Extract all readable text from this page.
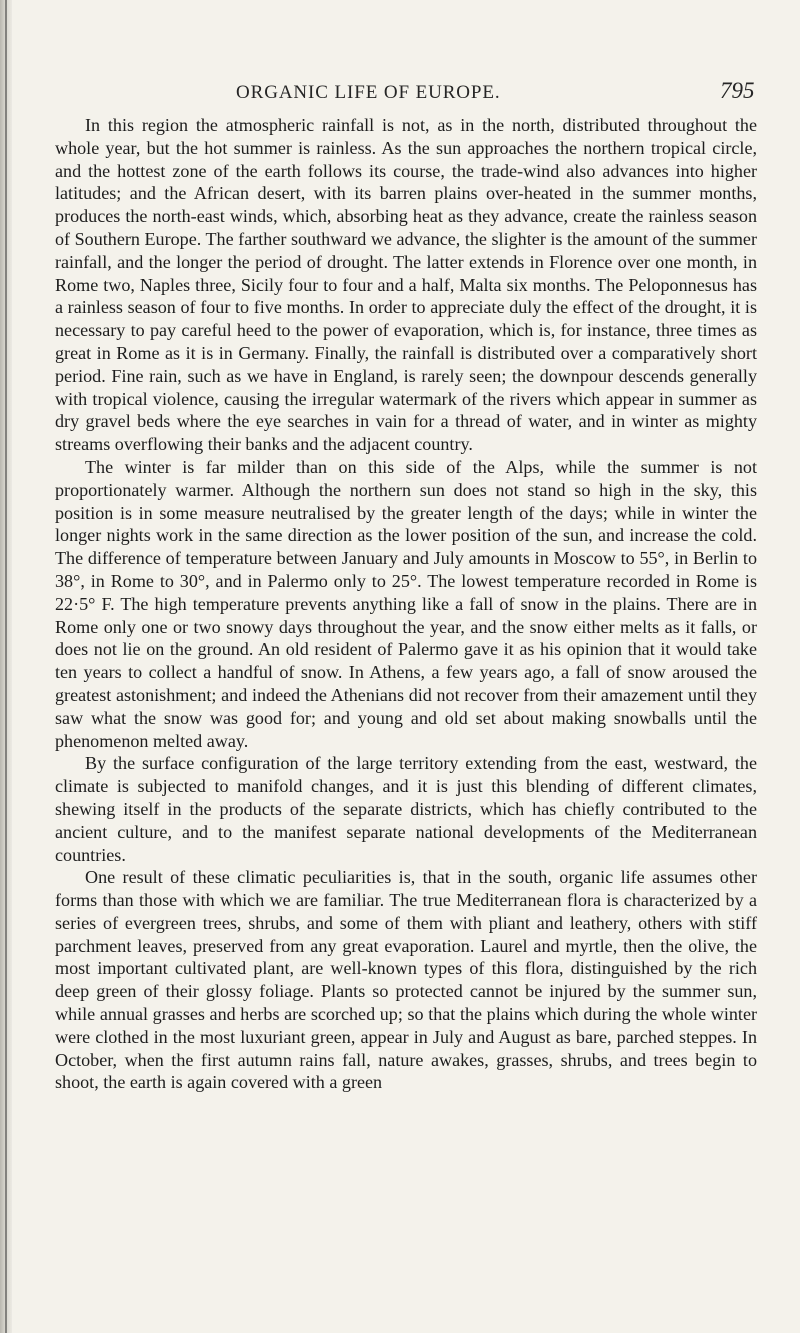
ORGANIC LIFE OF EUROPE.	795

In this region the atmospheric rainfall is not, as in the north, distributed throughout the whole year, but the hot summer is rainless. As the sun approaches the northern tropical circle, and the hottest zone of the earth follows its course, the trade-wind also advances into higher latitudes; and the African desert, with its barren plains over-heated in the summer months, produces the north-east winds, which, absorbing heat as they advance, create the rainless season of Southern Europe. The farther southward we advance, the slighter is the amount of the summer rainfall, and the longer the period of drought. The latter extends in Florence over one month, in Rome two, Naples three, Sicily four to four and a half, Malta six months. The Peloponnesus has a rainless season of four to five months. In order to appreciate duly the effect of the drought, it is necessary to pay careful heed to the power of evaporation, which is, for instance, three times as great in Rome as it is in Germany. Finally, the rainfall is distributed over a comparatively short period. Fine rain, such as we have in England, is rarely seen; the downpour descends generally with tropical violence, causing the irregular watermark of the rivers which appear in summer as dry gravel beds where the eye searches in vain for a thread of water, and in winter as mighty streams overflowing their banks and the adjacent country.

The winter is far milder than on this side of the Alps, while the summer is not proportionately warmer. Although the northern sun does not stand so high in the sky, this position is in some measure neutralised by the greater length of the days; while in winter the longer nights work in the same direction as the lower position of the sun, and increase the cold. The difference of temperature between January and July amounts in Moscow to 55°, in Berlin to 38°, in Rome to 30°, and in Palermo only to 25°. The lowest temperature recorded in Rome is 22·5° F. The high temperature prevents anything like a fall of snow in the plains. There are in Rome only one or two snowy days throughout the year, and the snow either melts as it falls, or does not lie on the ground. An old resident of Palermo gave it as his opinion that it would take ten years to collect a handful of snow. In Athens, a few years ago, a fall of snow aroused the greatest astonishment; and indeed the Athenians did not recover from their amazement until they saw what the snow was good for; and young and old set about making snowballs until the phenomenon melted away.

By the surface configuration of the large territory extending from the east, westward, the climate is subjected to manifold changes, and it is just this blending of different climates, shewing itself in the products of the separate districts, which has chiefly contributed to the ancient culture, and to the manifest separate national developments of the Mediterranean countries.

One result of these climatic peculiarities is, that in the south, organic life assumes other forms than those with which we are familiar. The true Mediterranean flora is characterized by a series of evergreen trees, shrubs, and some of them with pliant and leathery, others with stiff parchment leaves, preserved from any great evaporation. Laurel and myrtle, then the olive, the most important cultivated plant, are well-known types of this flora, distinguished by the rich deep green of their glossy foliage. Plants so protected cannot be injured by the summer sun, while annual grasses and herbs are scorched up; so that the plains which during the whole winter were clothed in the most luxuriant green, appear in July and August as bare, parched steppes. In October, when the first autumn rains fall, nature awakes, grasses, shrubs, and trees begin to shoot, the earth is again covered with a green
